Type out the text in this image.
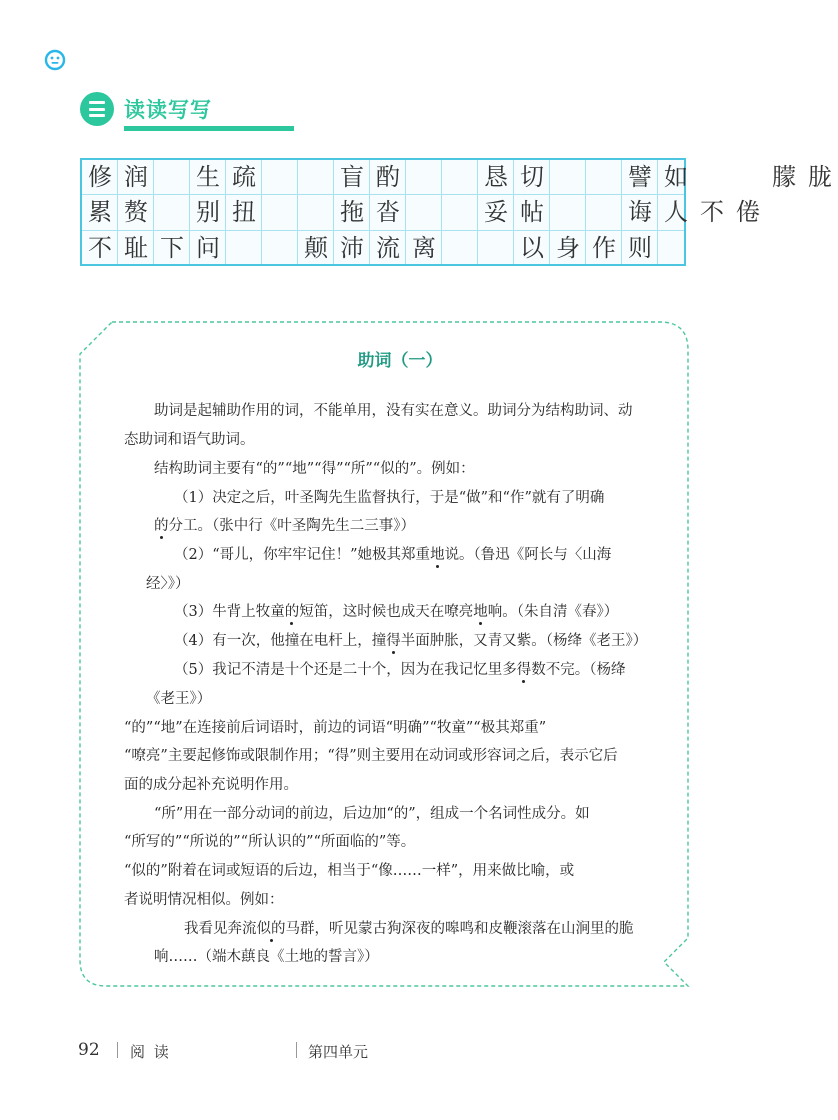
读读写写
修 润 生 疏	盲 酌	恳 切	譬 如	朦 胧
累 赘 别 扭	拖 沓	妥 帖	诲 人 不 倦
不 耻 下 问	颠 沛 流 离	以 身 作 则
助词（一）
助词是起辅助作用的词，不能单用，没有实在意义。助词分为结构助词、动
态助词和语气助词。
结构助词主要有“的”“地”“得”“所”“似的”。例如：
（1）决定之后，叶圣陶先生监督执行，于是“做”和“作”就有了明确
的分工。（张中行《叶圣陶先生二三事》）
（2）“哥儿，你牢牢记住！”她极其郑重地说。（鲁迅《阿长与〈山海
经〉》）
（3）牛背上牧童的短笛，这时候也成天在嘹亮地响。（朱自清《春》）
（4）有一次，他撞在电杆上，撞得半面肿胀，又青又紫。（杨绛《老王》）
（5）我记不清是十个还是二十个，因为在我记忆里多得数不完。（杨绛
《老王》）
“的”“地”在连接前后词语时，前边的词语“明确”“牧童”“极其郑重”
“嘹亮”主要起修饰或限制作用；“得”则主要用在动词或形容词之后，表示它后
面的成分起补充说明作用。
“所”用在一部分动词的前边，后边加“的”，组成一个名词性成分。如
“所写的”“所说的”“所认识的”“所面临的”等。
“似的”附着在词或短语的后边，相当于“像……一样”，用来做比喻，或
者说明情况相似。例如：
我看见奔流似的马群，听见蒙古狗深夜的嗥鸣和皮鞭滚落在山涧里的脆
响……（端木蕻良《土地的誓言》）
92 阅 读	第四单元
